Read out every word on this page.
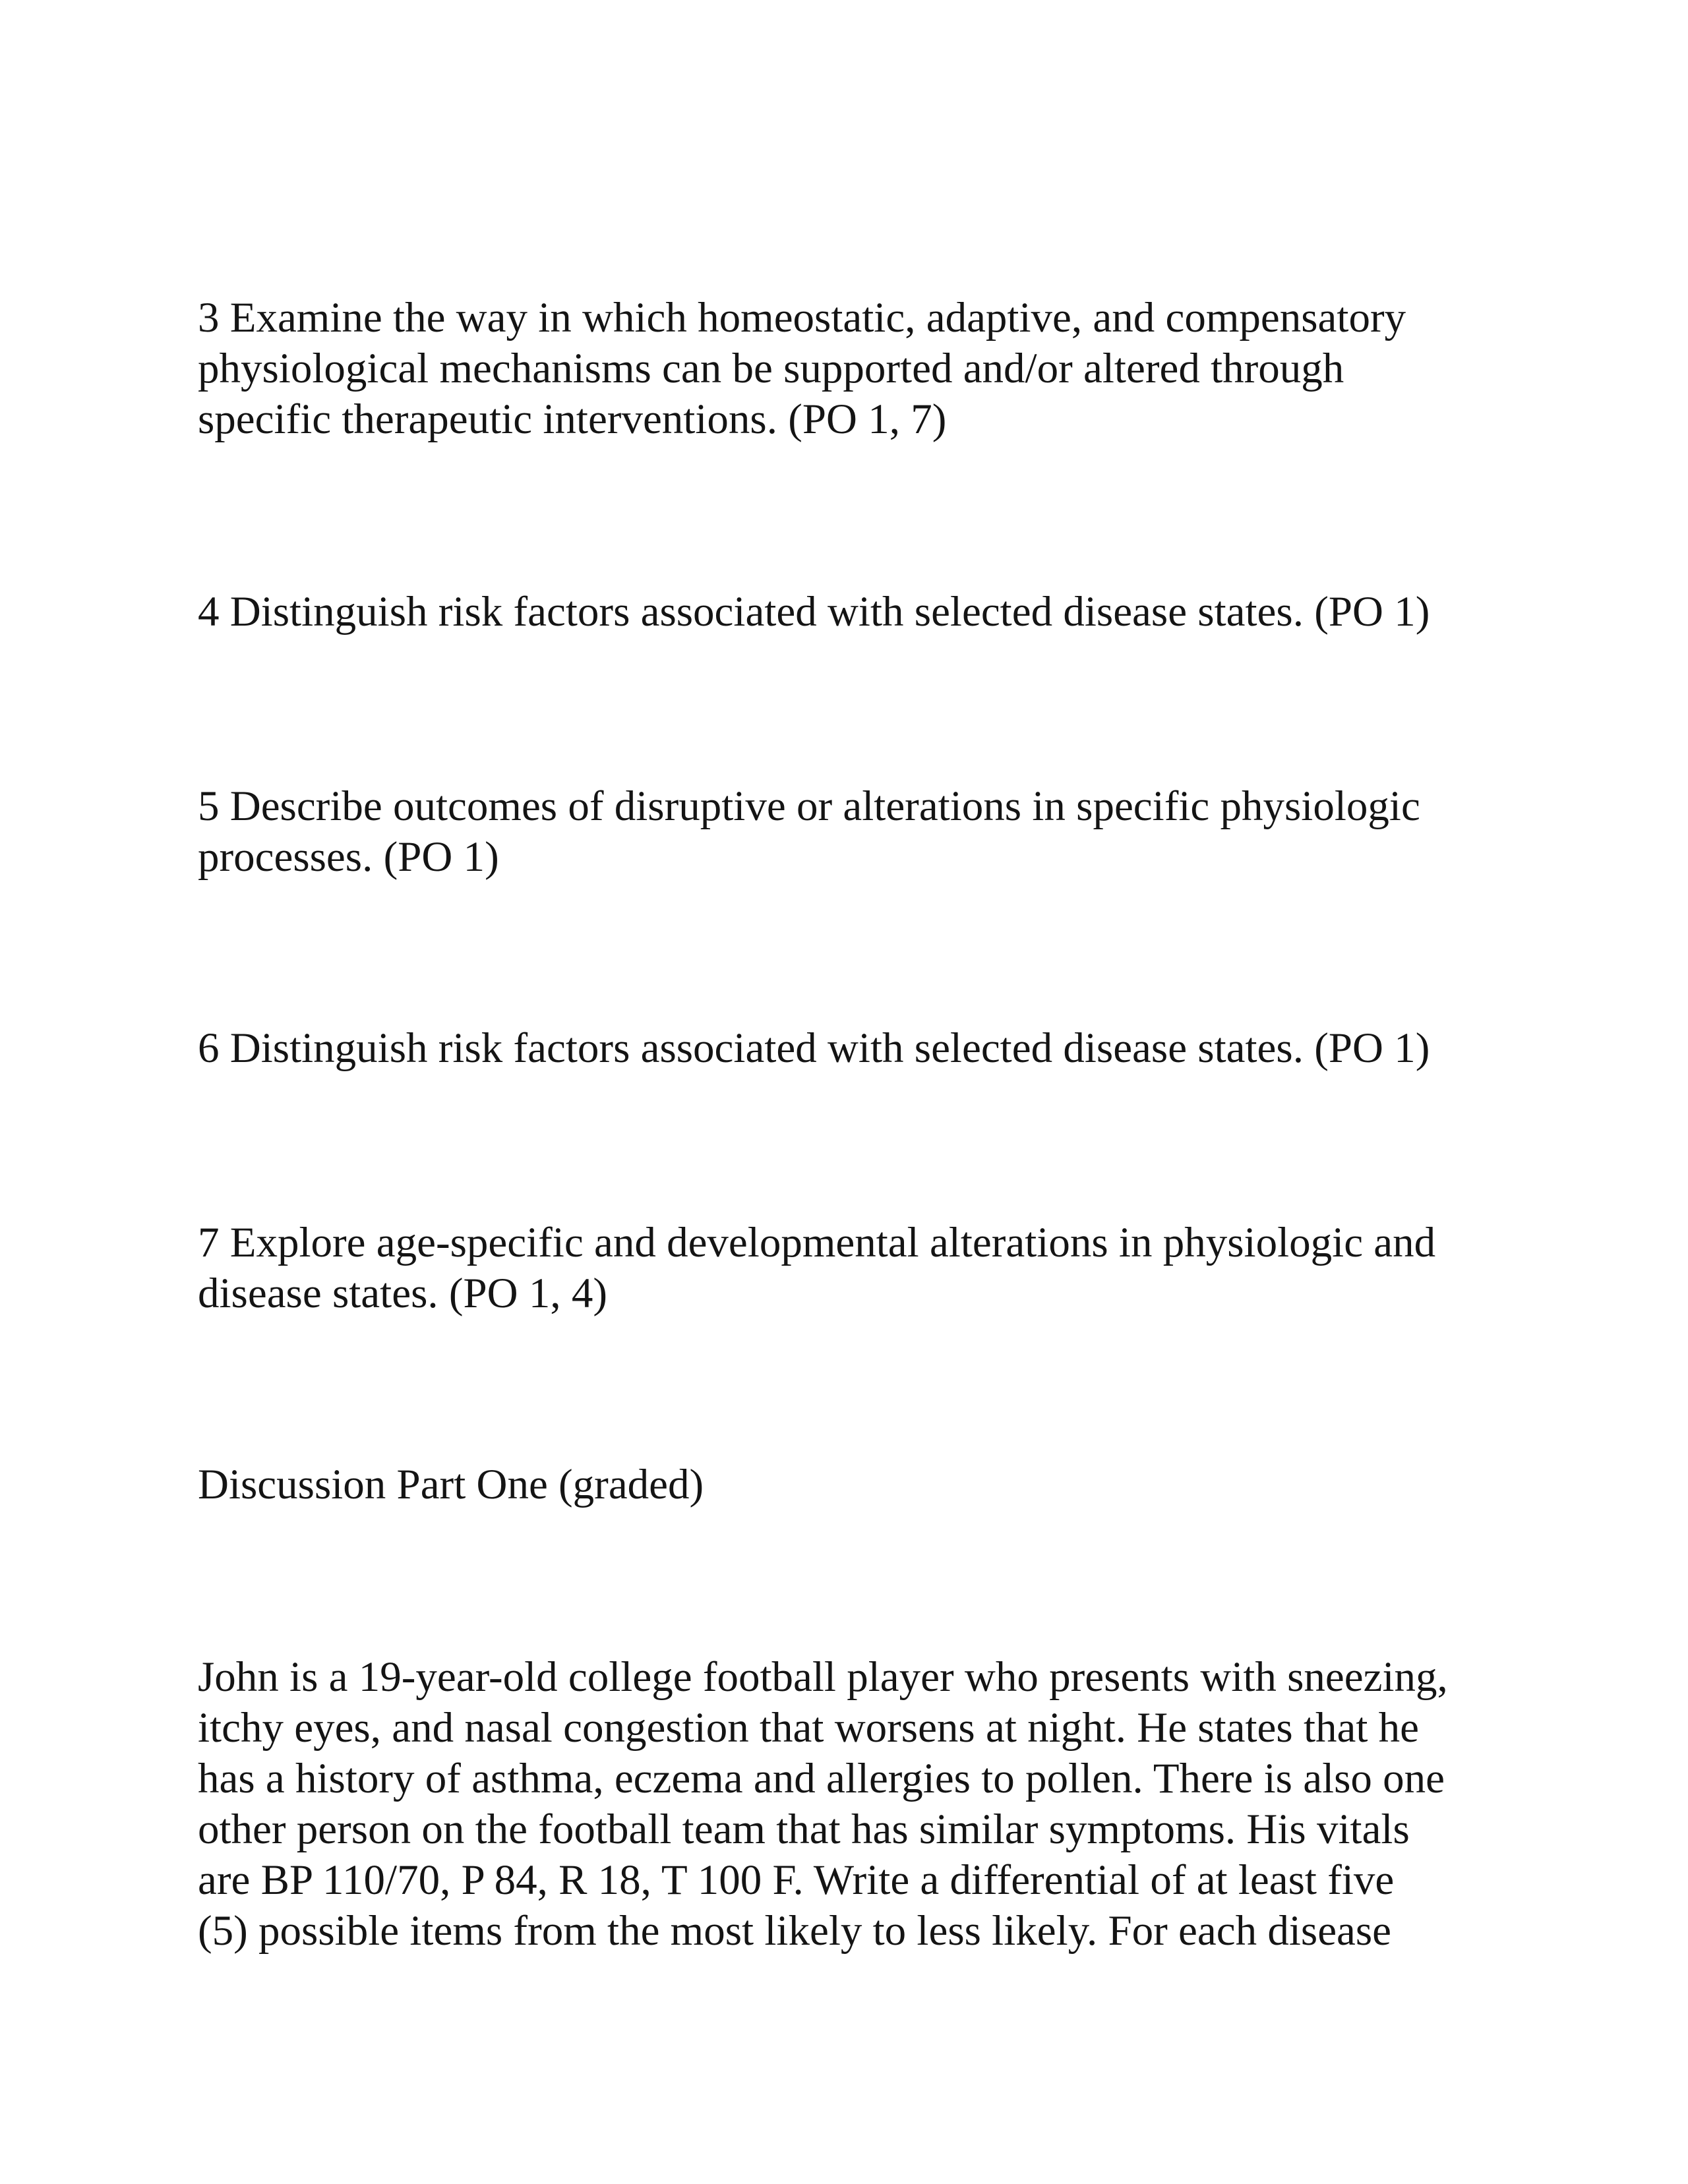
3 Examine the way in which homeostatic, adaptive, and compensatory
physiological mechanisms can be supported and/or altered through
specific therapeutic interventions. (PO 1, 7)

4 Distinguish risk factors associated with selected disease states. (PO 1)

5 Describe outcomes of disruptive or alterations in specific physiologic
processes. (PO 1)

6 Distinguish risk factors associated with selected disease states. (PO 1)

7 Explore age-specific and developmental alterations in physiologic and
disease states. (PO 1, 4)

Discussion Part One (graded)

John is a 19-year-old college football player who presents with sneezing,
itchy eyes, and nasal congestion that worsens at night. He states that he
has a history of asthma, eczema and allergies to pollen. There is also one
other person on the football team that has similar symptoms. His vitals
are BP 110/70, P 84, R 18, T 100 F. Write a differential of at least five
(5) possible items from the most likely to less likely. For each disease
